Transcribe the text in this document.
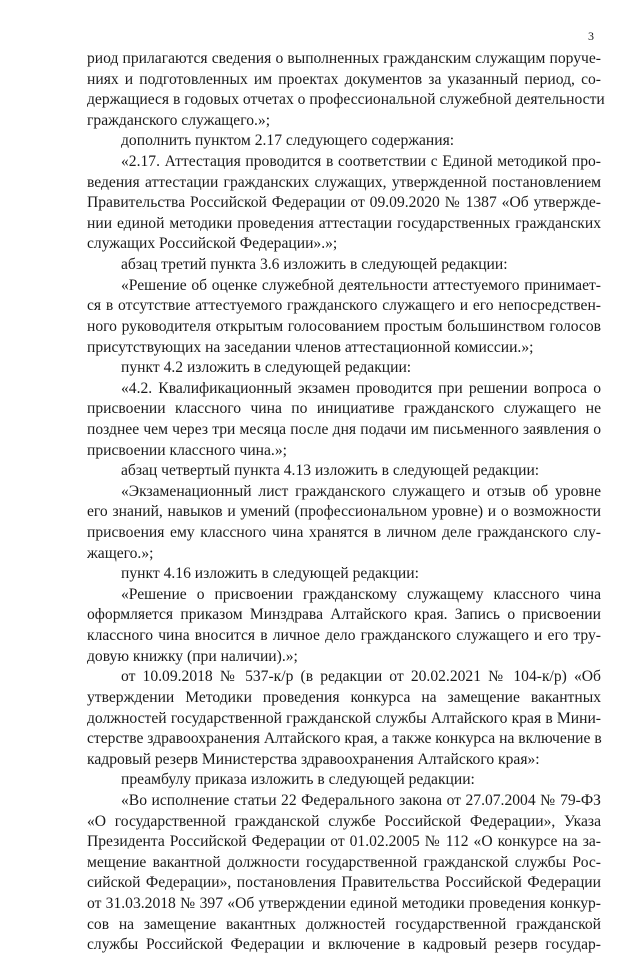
3
риод прилагаются сведения о выполненных гражданским служащим поруче-
ниях и подготовленных им проектах документов за указанный период, со-
держащиеся в годовых отчетах о профессиональной служебной деятельности
гражданского служащего.»;
дополнить пунктом 2.17 следующего содержания:
«2.17. Аттестация проводится в соответствии с Единой методикой про-
ведения аттестации гражданских служащих, утвержденной постановлением
Правительства Российской Федерации от 09.09.2020 № 1387 «Об утвержде-
нии единой методики проведения аттестации государственных гражданских
служащих Российской Федерации».»;
абзац третий пункта 3.6 изложить в следующей редакции:
«Решение об оценке служебной деятельности аттестуемого принимает-
ся в отсутствие аттестуемого гражданского служащего и его непосредствен-
ного руководителя открытым голосованием простым большинством голосов
присутствующих на заседании членов аттестационной комиссии.»;
пункт 4.2 изложить в следующей редакции:
«4.2. Квалификационный экзамен проводится при решении вопроса о
присвоении классного чина по инициативе гражданского служащего не
позднее чем через три месяца после дня подачи им письменного заявления о
присвоении классного чина.»;
абзац четвертый пункта 4.13 изложить в следующей редакции:
«Экзаменационный лист гражданского служащего и отзыв об уровне
его знаний, навыков и умений (профессиональном уровне) и о возможности
присвоения ему классного чина хранятся в личном деле гражданского слу-
жащего.»;
пункт 4.16 изложить в следующей редакции:
«Решение о присвоении гражданскому служащему классного чина
оформляется приказом Минздрава Алтайского края. Запись о присвоении
классного чина вносится в личное дело гражданского служащего и его тру-
довую книжку (при наличии).»;
от 10.09.2018 № 537-к/р (в редакции от 20.02.2021 № 104-к/р) «Об
утверждении Методики проведения конкурса на замещение вакантных
должностей государственной гражданской службы Алтайского края в Мини-
стерстве здравоохранения Алтайского края, а также конкурса на включение в
кадровый резерв Министерства здравоохранения Алтайского края»:
преамбулу приказа изложить в следующей редакции:
«Во исполнение статьи 22 Федерального закона от 27.07.2004 № 79-ФЗ
«О государственной гражданской службе Российской Федерации», Указа
Президента Российской Федерации от 01.02.2005 № 112 «О конкурсе на за-
мещение вакантной должности государственной гражданской службы Рос-
сийской Федерации», постановления Правительства Российской Федерации
от 31.03.2018 № 397 «Об утверждении единой методики проведения конкур-
сов на замещение вакантных должностей государственной гражданской
службы Российской Федерации и включение в кадровый резерв государ-
